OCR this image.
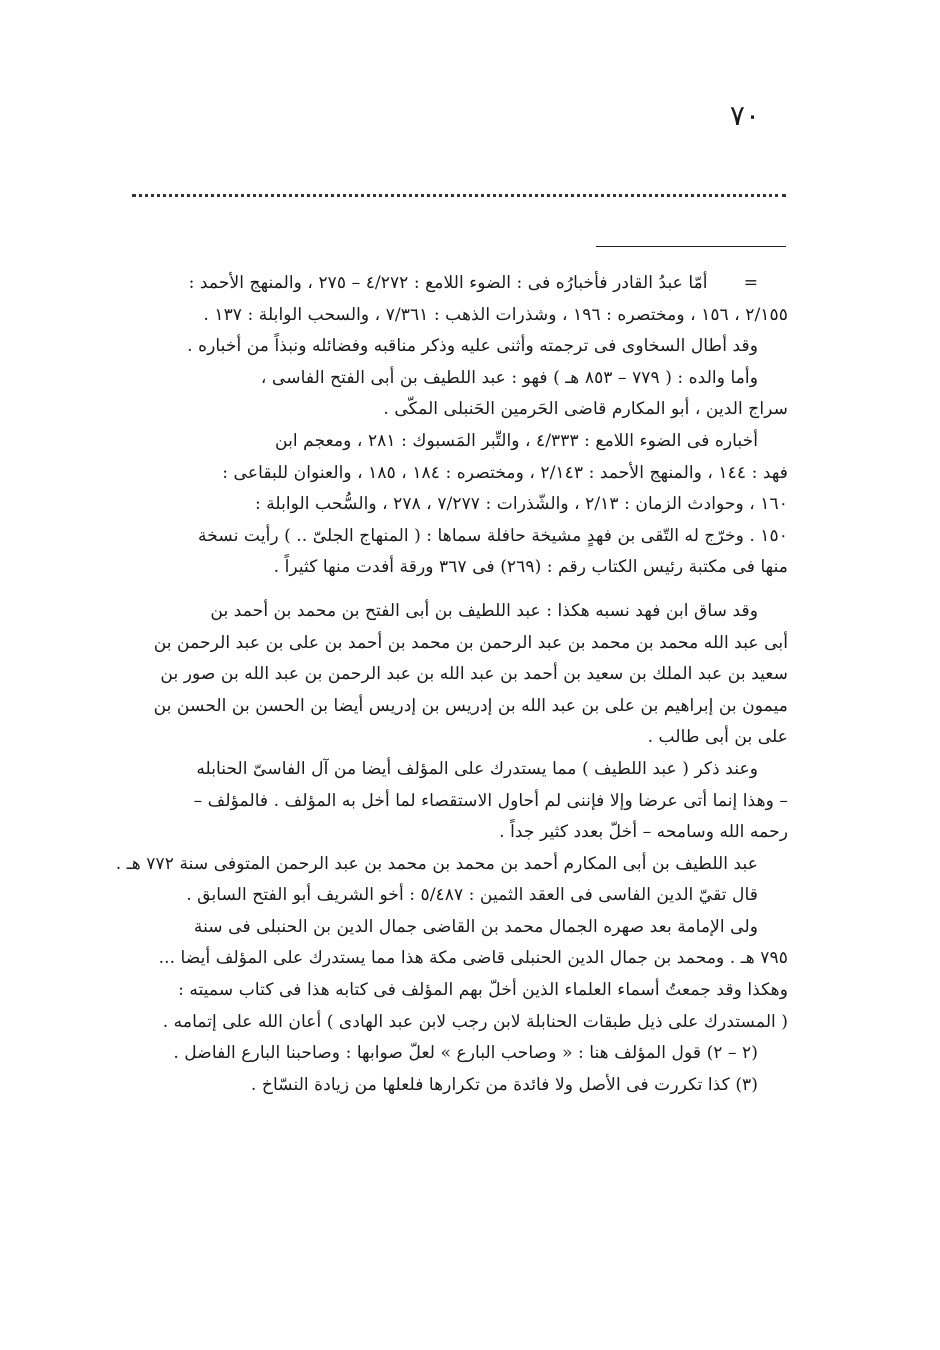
٧٠
=أمّا عبدُ القادر فأخبارُه فى : الضوء اللامع : ٤/٢٧٢ – ٢٧٥ ، والمنهج الأحمد :
٢/١٥٥ ، ١٥٦ ، ومختصره : ١٩٦ ، وشذرات الذهب : ٧/٣٦١ ، والسحب الوابلة : ١٣٧ .
وقد أطال السخاوى فى ترجمته وأثنى عليه وذكر مناقبه وفضائله ونبذاً من أخباره .
وأما والده : ( ٧٧٩ – ٨٥٣ هـ ) فهو : عبد اللطيف بن أبى الفتح الفاسى ،
سراج الدين ، أبو المكارم قاضى الحَرمين الحَنبلى المكّى .
أخباره فى الضوء اللامع : ٤/٣٣٣ ، والتِّبر المَسبوك : ٢٨١ ، ومعجم ابن
فهد : ١٤٤ ، والمنهج الأحمد : ٢/١٤٣ ، ومختصره : ١٨٤ ، ١٨٥ ، والعنوان للبقاعى :
١٦٠ ، وحوادث الزمان : ٢/١٣ ، والشّذرات : ٧/٢٧٧ ، ٢٧٨ ، والسُّحب الوابلة :
١٥٠ . وخرّج له التّقى بن فهدٍ مشيخة حافلة سماها : ( المنهاج الجلىّ .. ) رأيت نسخة
منها فى مكتبة رئيس الكتاب رقم : (٢٦٩) فى ٣٦٧ ورقة أفدت منها كثيراً .
وقد ساق ابن فهد نسبه هكذا : عبد اللطيف بن أبى الفتح بن محمد بن أحمد بن
أبى عبد الله محمد بن محمد بن عبد الرحمن بن محمد بن أحمد بن على بن عبد الرحمن بن
سعيد بن عبد الملك بن سعيد بن أحمد بن عبد الله بن عبد الرحمن بن عبد الله بن صور بن
ميمون بن إبراهيم بن على بن عبد الله بن إدريس بن إدريس أيضا بن الحسن بن الحسن بن
على بن أبى طالب .
وعند ذكر ( عبد اللطيف ) مما يستدرك على المؤلف أيضا من آل الفاسىّ الحنابله
– وهذا إنما أتى عرضا وإلا فإننى لم أحاول الاستقصاء لما أخل به المؤلف . فالمؤلف –
رحمه الله وسامحه – أخلّ بعدد كثير جداً .
عبد اللطيف بن أبى المكارم أحمد بن محمد بن محمد بن عبد الرحمن المتوفى سنة ٧٧٢ هـ .
قال تقيّ الدين الفاسى فى العقد الثمين : ٥/٤٨٧ : أخو الشريف أبو الفتح السابق .
ولى الإمامة بعد صهره الجمال محمد بن القاضى جمال الدين بن الحنبلى فى سنة
٧٩٥ هـ . ومحمد بن جمال الدين الحنبلى قاضى مكة هذا مما يستدرك على المؤلف أيضا ...
وهكذا وقد جمعتُ أسماء العلماء الذين أخلّ بهم المؤلف فى كتابه هذا فى كتاب سميته :
( المستدرك على ذيل طبقات الحنابلة لابن رجب لابن عبد الهادى ) أعان الله على إتمامه .
(٢ – ٢) قول المؤلف هنا : « وصاحب البارع » لعلّ صوابها : وصاحبنا البارع الفاضل .
(٣) كذا تكررت فى الأصل ولا فائدة من تكرارها فلعلها من زيادة النسّاخ .
